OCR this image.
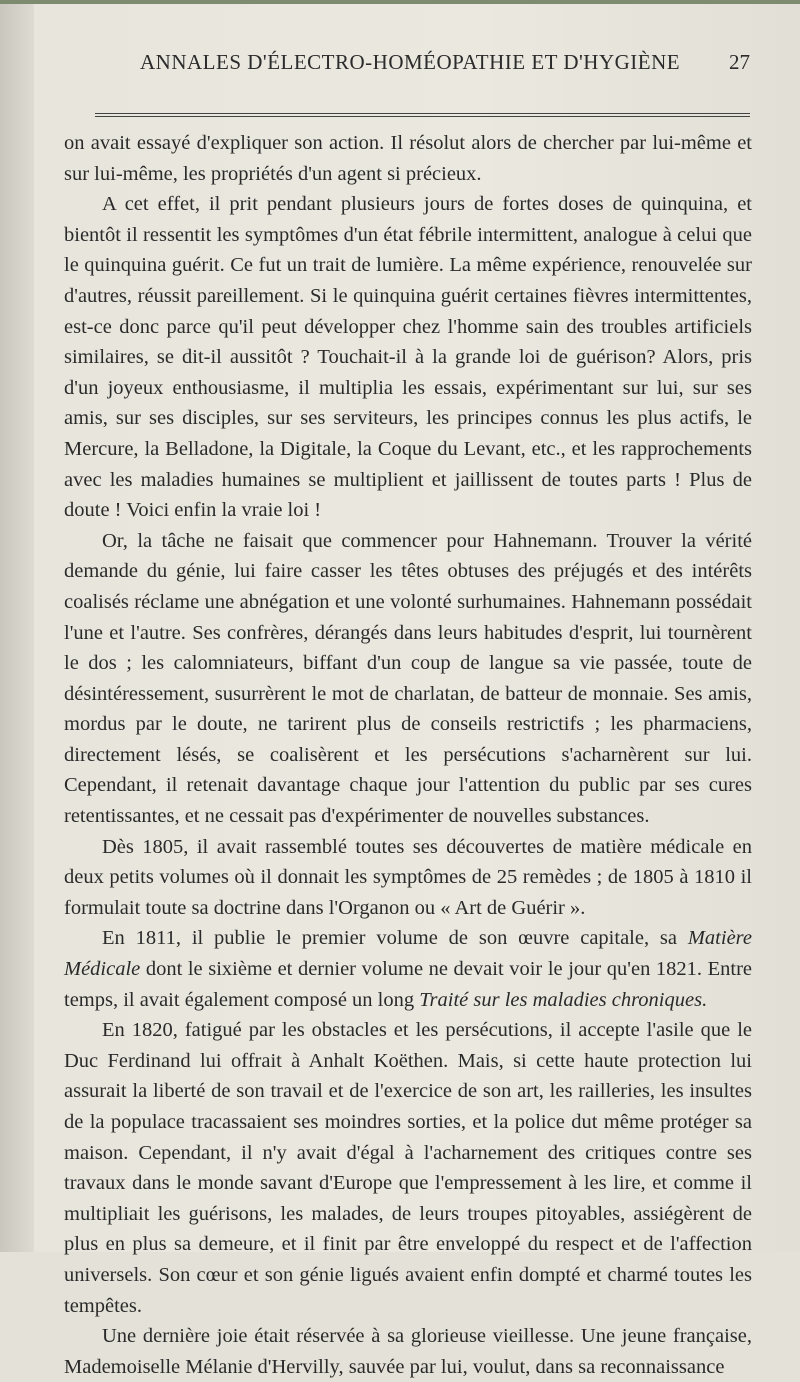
ANNALES D'ÉLECTRO-HOMÉOPATHIE ET D'HYGIÈNE 27

on avait essayé d'expliquer son action. Il résolut alors de chercher par lui-même et sur lui-même, les propriétés d'un agent si précieux.

A cet effet, il prit pendant plusieurs jours de fortes doses de quinquina, et bientôt il ressentit les symptômes d'un état fébrile intermittent, analogue à celui que le quinquina guérit. Ce fut un trait de lumière. La même expérience, renouvelée sur d'autres, réussit pareillement. Si le quinquina guérit certaines fièvres intermittentes, est-ce donc parce qu'il peut développer chez l'homme sain des troubles artificiels similaires, se dit-il aussitôt ? Touchait-il à la grande loi de guérison? Alors, pris d'un joyeux enthousiasme, il multiplia les essais, expérimentant sur lui, sur ses amis, sur ses disciples, sur ses serviteurs, les principes connus les plus actifs, le Mercure, la Belladone, la Digitale, la Coque du Levant, etc., et les rapprochements avec les maladies humaines se multiplient et jaillissent de toutes parts ! Plus de doute ! Voici enfin la vraie loi !

Or, la tâche ne faisait que commencer pour Hahnemann. Trouver la vérité demande du génie, lui faire casser les têtes obtuses des préjugés et des intérêts coalisés réclame une abnégation et une volonté surhumaines. Hahnemann possédait l'une et l'autre. Ses confrères, dérangés dans leurs habitudes d'esprit, lui tournèrent le dos ; les calomniateurs, biffant d'un coup de langue sa vie passée, toute de désintéressement, susurrèrent le mot de charlatan, de batteur de monnaie. Ses amis, mordus par le doute, ne tarirent plus de conseils restrictifs ; les pharmaciens, directement lésés, se coalisèrent et les persécutions s'acharnèrent sur lui. Cependant, il retenait davantage chaque jour l'attention du public par ses cures retentissantes, et ne cessait pas d'expérimenter de nouvelles substances.

Dès 1805, il avait rassemblé toutes ses découvertes de matière médicale en deux petits volumes où il donnait les symptômes de 25 remèdes ; de 1805 à 1810 il formulait toute sa doctrine dans l'Organon ou « Art de Guérir ».

En 1811, il publie le premier volume de son œuvre capitale, sa Matière Médicale dont le sixième et dernier volume ne devait voir le jour qu'en 1821. Entre temps, il avait également composé un long Traité sur les maladies chroniques.

En 1820, fatigué par les obstacles et les persécutions, il accepte l'asile que le Duc Ferdinand lui offrait à Anhalt Koëthen. Mais, si cette haute protection lui assurait la liberté de son travail et de l'exercice de son art, les railleries, les insultes de la populace tracassaient ses moindres sorties, et la police dut même protéger sa maison. Cependant, il n'y avait d'égal à l'acharnement des critiques contre ses travaux dans le monde savant d'Europe que l'empressement à les lire, et comme il multipliait les guérisons, les malades, de leurs troupes pitoyables, assiégèrent de plus en plus sa demeure, et il finit par être enveloppé du respect et de l'affection universels. Son cœur et son génie ligués avaient enfin dompté et charmé toutes les tempêtes.

Une dernière joie était réservée à sa glorieuse vieillesse. Une jeune française, Mademoiselle Mélanie d'Hervilly, sauvée par lui, voulut, dans sa reconnaissance
